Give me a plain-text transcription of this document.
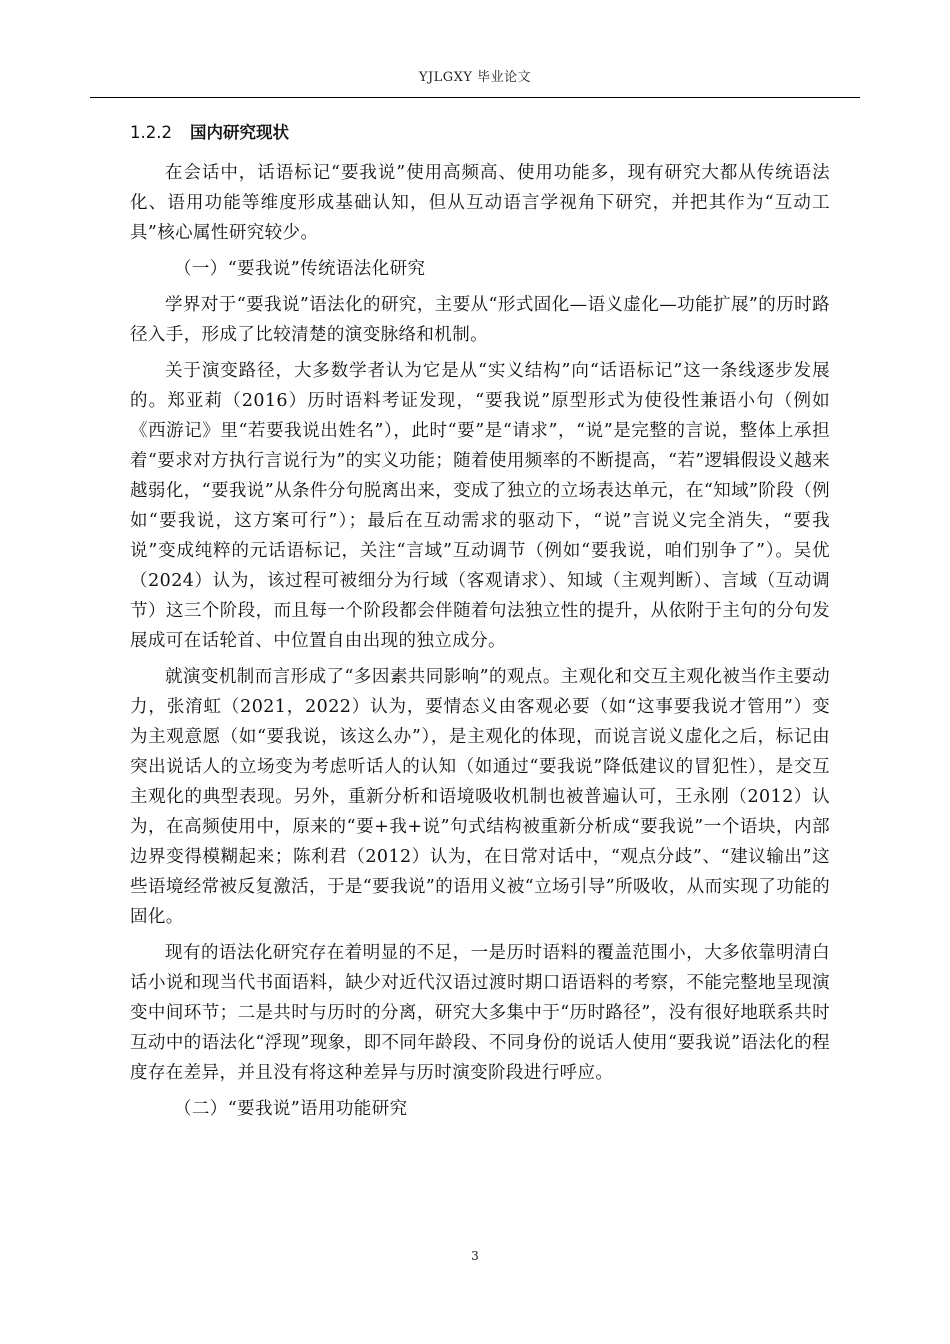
YJLGXY 毕业论文
1.2.2 国内研究现状

在会话中，话语标记“要我说”使用高频高、使用功能多，现有研究大都从传统语法化、语用功能等维度形成基础认知，但从互动语言学视角下研究，并把其作为“互动工具”核心属性研究较少。

（一）“要我说”传统语法化研究

学界对于“要我说”语法化的研究，主要从“形式固化—语义虚化—功能扩展”的历时路径入手，形成了比较清楚的演变脉络和机制。

关于演变路径，大多数学者认为它是从“实义结构”向“话语标记”这一条线逐步发展的。郑亚莉（2016）历时语料考证发现，“要我说”原型形式为使役性兼语小句（例如《西游记》里“若要我说出姓名”），此时“要”是“请求”，“说”是完整的言说，整体上承担着“要求对方执行言说行为”的实义功能；随着使用频率的不断提高，“若”逻辑假设义越来越弱化，“要我说”从条件分句脱离出来，变成了独立的立场表达单元，在“知域”阶段（例如“要我说，这方案可行”）；最后在互动需求的驱动下，“说”言说义完全消失，“要我说”变成纯粹的元话语标记，关注“言域”互动调节（例如“要我说，咱们别争了”）。吴优（2024）认为，该过程可被细分为行域（客观请求）、知域（主观判断）、言域（互动调节）这三个阶段，而且每一个阶段都会伴随着句法独立性的提升，从依附于主句的分句发展成可在话轮首、中位置自由出现的独立成分。

就演变机制而言形成了“多因素共同影响”的观点。主观化和交互主观化被当作主要动力，张淯虹（2021，2022）认为，要情态义由客观必要（如“这事要我说才管用”）变为主观意愿（如“要我说，该这么办”），是主观化的体现，而说言说义虚化之后，标记由突出说话人的立场变为考虑听话人的认知（如通过“要我说”降低建议的冒犯性），是交互主观化的典型表现。另外，重新分析和语境吸收机制也被普遍认可，王永刚（2012）认为，在高频使用中，原来的“要+我+说”句式结构被重新分析成“要我说”一个语块，内部边界变得模糊起来；陈利君（2012）认为，在日常对话中，“观点分歧”、“建议输出”这些语境经常被反复激活，于是“要我说”的语用义被“立场引导”所吸收，从而实现了功能的固化。

现有的语法化研究存在着明显的不足，一是历时语料的覆盖范围小，大多依靠明清白话小说和现当代书面语料，缺少对近代汉语过渡时期口语语料的考察，不能完整地呈现演变中间环节；二是共时与历时的分离，研究大多集中于“历时路径”，没有很好地联系共时互动中的语法化“浮现”现象，即不同年龄段、不同身份的说话人使用“要我说”语法化的程度存在差异，并且没有将这种差异与历时演变阶段进行呼应。

（二）“要我说”语用功能研究

3
